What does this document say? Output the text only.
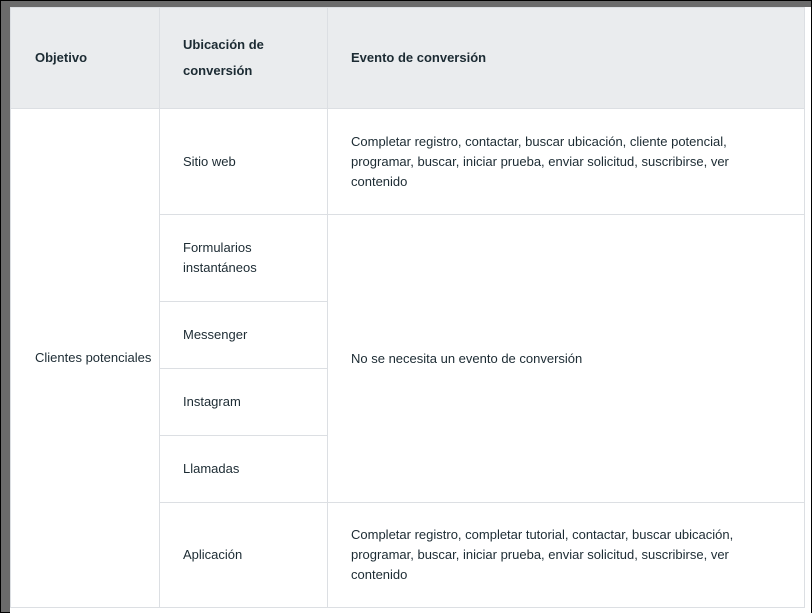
Objetivo	Ubicación de conversión	Evento de conversión
Clientes potenciales	Sitio web	Completar registro, contactar, buscar ubicación, cliente potencial, programar, buscar, iniciar prueba, enviar solicitud, suscribirse, ver contenido
	Formularios instantáneos	No se necesita un evento de conversión
	Messenger	
	Instagram	
	Llamadas	
	Aplicación	Completar registro, completar tutorial, contactar, buscar ubicación, programar, buscar, iniciar prueba, enviar solicitud, suscribirse, ver contenido
